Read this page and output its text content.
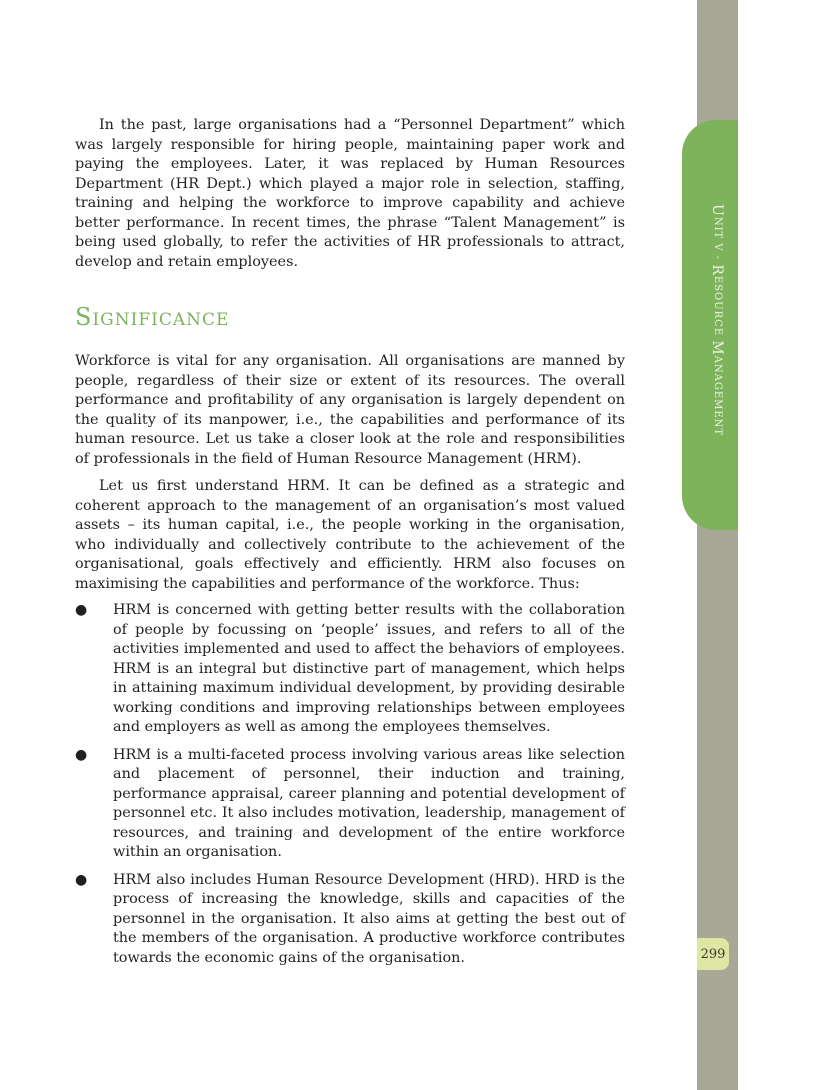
UNIT V - RESOURCE MANAGEMENT
299

In the past, large organisations had a “Personnel Department” which was largely responsible for hiring people, maintaining paper work and paying the employees. Later, it was replaced by Human Resources Department (HR Dept.) which played a major role in selection, staffing, training and helping the workforce to improve capability and achieve better performance. In recent times, the phrase “Talent Management” is being used globally, to refer the activities of HR professionals to attract, develop and retain employees.

Significance

Workforce is vital for any organisation. All organisations are manned by people, regardless of their size or extent of its resources. The overall performance and profitability of any organisation is largely dependent on the quality of its manpower, i.e., the capabilities and performance of its human resource. Let us take a closer look at the role and responsibilities of professionals in the field of Human Resource Management (HRM).

Let us first understand HRM. It can be defined as a strategic and coherent approach to the management of an organisation’s most valued assets – its human capital, i.e., the people working in the organisation, who individually and collectively contribute to the achievement of the organisational, goals effectively and efficiently. HRM also focuses on maximising the capabilities and performance of the workforce. Thus:

● HRM is concerned with getting better results with the collaboration of people by focussing on ‘people’ issues, and refers to all of the activities implemented and used to affect the behaviors of employees. HRM is an integral but distinctive part of management, which helps in attaining maximum individual development, by providing desirable working conditions and improving relationships between employees and employers as well as among the employees themselves.

● HRM is a multi-faceted process involving various areas like selection and placement of personnel, their induction and training, performance appraisal, career planning and potential development of personnel etc. It also includes motivation, leadership, management of resources, and training and development of the entire workforce within an organisation.

● HRM also includes Human Resource Development (HRD). HRD is the process of increasing the knowledge, skills and capacities of the personnel in the organisation. It also aims at getting the best out of the members of the organisation. A productive workforce contributes towards the economic gains of the organisation.
